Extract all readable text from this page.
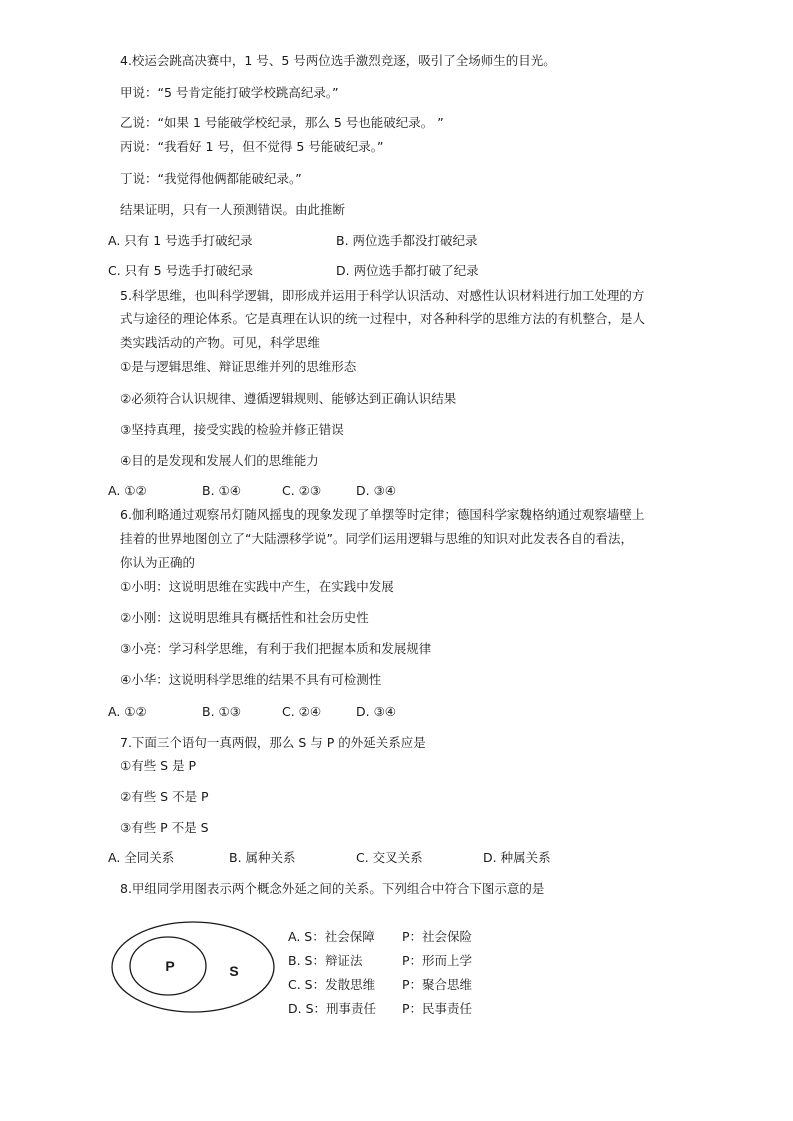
4.校运会跳高决赛中，1 号、5 号两位选手激烈竞逐，吸引了全场师生的目光。
甲说：“5 号肯定能打破学校跳高纪录。”
乙说：“如果 1 号能破学校纪录，那么 5 号也能破纪录。 ”
丙说：“我看好 1 号，但不觉得 5 号能破纪录。”
丁说：“我觉得他俩都能破纪录。”
结果证明，只有一人预测错误。由此推断
A. 只有 1 号选手打破纪录	B. 两位选手都没打破纪录
C. 只有 5 号选手打破纪录	D. 两位选手都打破了纪录
5.科学思维，也叫科学逻辑，即形成并运用于科学认识活动、对感性认识材料进行加工处理的方
式与途径的理论体系。它是真理在认识的统一过程中，对各种科学的思维方法的有机整合，是人
类实践活动的产物。可见，科学思维
①是与逻辑思维、辩证思维并列的思维形态
②必须符合认识规律、遵循逻辑规则、能够达到正确认识结果
③坚持真理，接受实践的检验并修正错误
④目的是发现和发展人们的思维能力
A. ①②	B. ①④	C. ②③	D. ③④
6.伽利略通过观察吊灯随风摇曳的现象发现了单摆等时定律；德国科学家魏格纳通过观察墙壁上
挂着的世界地图创立了“大陆漂移学说”。同学们运用逻辑与思维的知识对此发表各自的看法，
你认为正确的
①小明：这说明思维在实践中产生，在实践中发展
②小刚：这说明思维具有概括性和社会历史性
③小亮：学习科学思维，有利于我们把握本质和发展规律
④小华：这说明科学思维的结果不具有可检测性
A. ①②	B. ①③	C. ②④	D. ③④
7.下面三个语句一真两假，那么 S 与 P 的外延关系应是
①有些 S 是 P
②有些 S 不是 P
③有些 P 不是 S
A. 全同关系	B. 属种关系	C. 交叉关系	D. 种属关系
8.甲组同学用图表示两个概念外延之间的关系。下列组合中符合下图示意的是
P	S
A. S：社会保障 P：社会保险
B. S：辩证法	P：形而上学
C. S：发散思维 P：聚合思维
D. S：刑事责任 P：民事责任
